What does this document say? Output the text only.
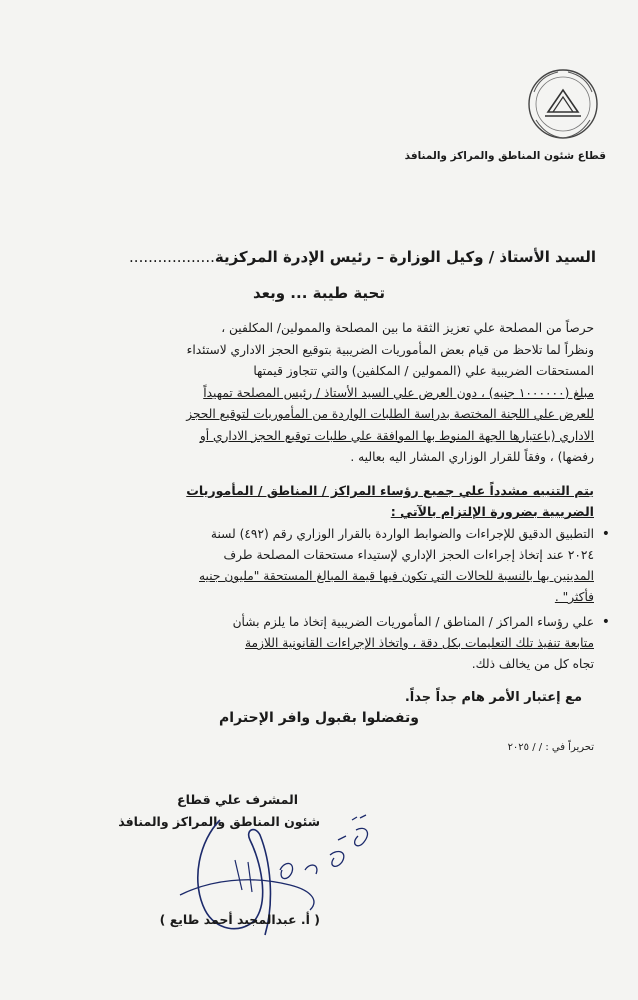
قطاع شئون المناطق والمراكز والمنافذ
السيد الأستاذ / وكيل الوزارة – رئيس الإدرة المركزية..................
تحية طيبة ... وبعد
حرصاً من المصلحة علي تعزيز الثقة ما بين المصلحة والممولين/ المكلفين ،
ونظراً لما تلاحظ من قيام بعض المأموريات الضريبية بتوقيع الحجز الاداري لاستئداء
المستحقات الضريبية علي (الممولين / المكلفين) والتي تتجاوز قيمتها
مبلغ (١٠٠٠٠٠٠ جنيه) ، دون العرض علي السيد الأستاذ / رئيس المصلحة تمهيداً
للعرض علي اللجنة المختصة بدراسة الطلبات الواردة من المأموريات لتوقيع الحجز
الاداري (باعتبارها الجهة المنوط بها الموافقة علي طلبات توقيع الحجز الاداري أو
رفضها) ، وفقاً للقرار الوزاري المشار اليه بعاليه .
يتم التنبيه مشدداً علي جميع رؤساء المراكز / المناطق / المأموريات
الضريبية بضرورة الإلتزام بالآتي :
• التطبيق الدقيق للإجراءات والضوابط الواردة بالقرار الوزاري رقم (٤٩٢) لسنة
٢٠٢٤ عند إتخاذ إجراءات الحجز الإداري لإستيداء مستحقات المصلحة طرف
المدينين بها بالنسبة للحالات التي تكون فيها قيمة المبالغ المستحقة "مليون جنيه
فأكثر" .
• علي رؤساء المراكز / المناطق / المأموريات الضريبية إتخاذ ما يلزم بشأن
متابعة تنفيذ تلك التعليمات بكل دقة ، واتخاذ الإجراءات القانونية اللازمة
تجاه كل من يخالف ذلك.
مع إعتبار الأمر هام جداً جداً.
وتفضلوا بقبول وافر الإحترام
تحريراً في : / / ٢٠٢٥
المشرف علي قطاع
شئون المناطق والمراكز والمنافذ
( أ. عبدالمجيد أحمد طايع )
